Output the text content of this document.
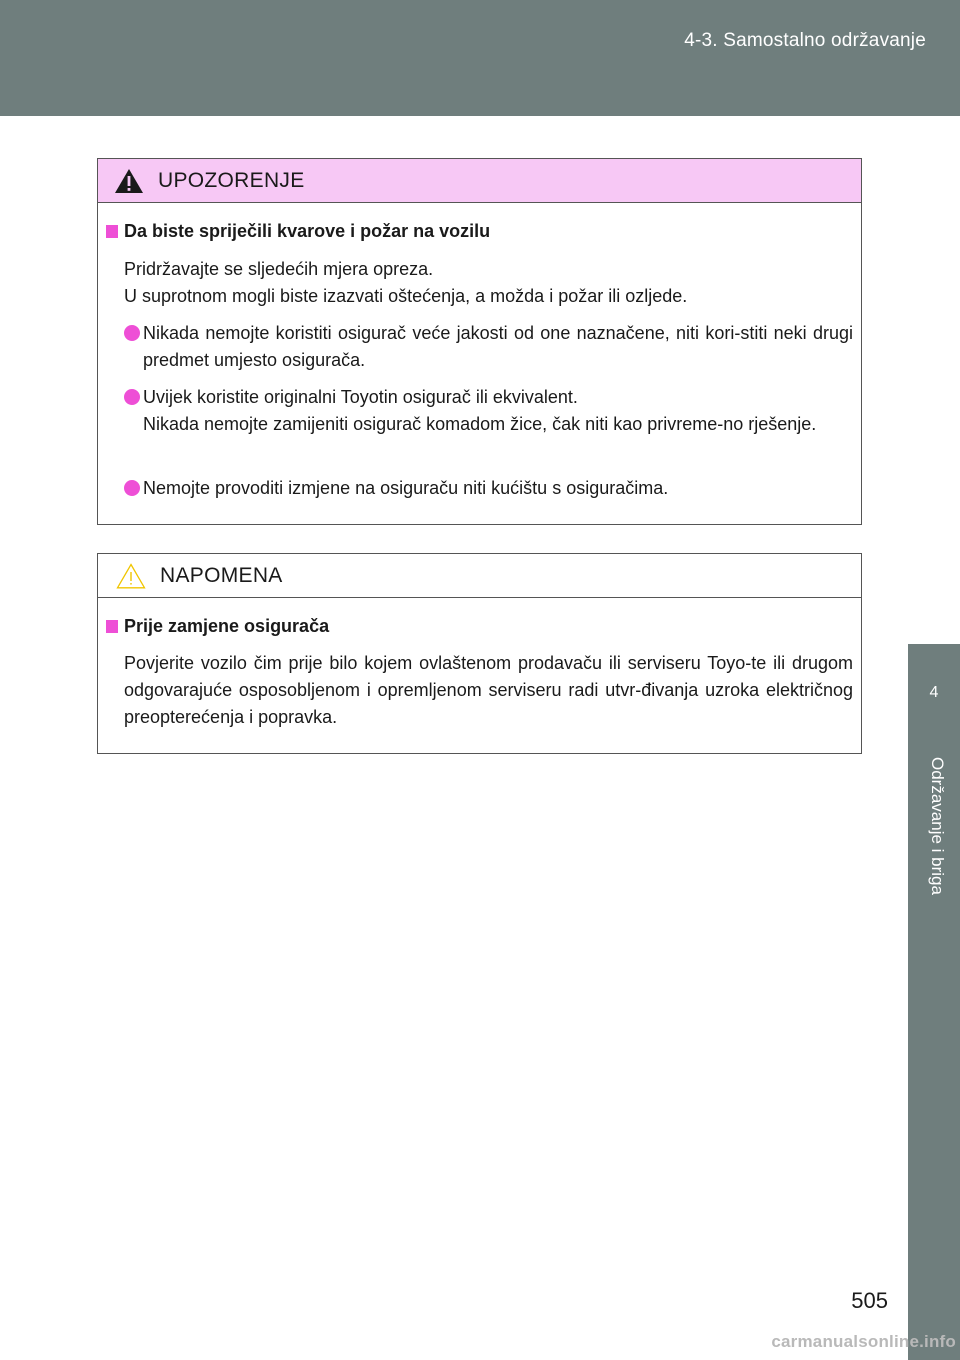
4-3. Samostalno održavanje
4
Održavanje i briga
UPOZORENJE
Da biste spriječili kvarove i požar na vozilu
Pridržavajte se sljedećih mjera opreza.
U suprotnom mogli biste izazvati oštećenja, a možda i požar ili ozljede.
Nikada nemojte koristiti osigurač veće jakosti od one naznačene, niti kori-stiti neki drugi predmet umjesto osigurača.
Uvijek koristite originalni Toyotin osigurač ili ekvivalent.
Nikada nemojte zamijeniti osigurač komadom žice, čak niti kao privreme-no rješenje.
Nemojte provoditi izmjene na osiguraču niti kućištu s osiguračima.
NAPOMENA
Prije zamjene osigurača
Povjerite vozilo čim prije bilo kojem ovlaštenom prodavaču ili serviseru Toyo-te ili drugom odgovarajuće osposobljenom i opremljenom serviseru radi utvr-đivanja uzroka električnog preopterećenja i popravka.
505
carmanualsonline.info
